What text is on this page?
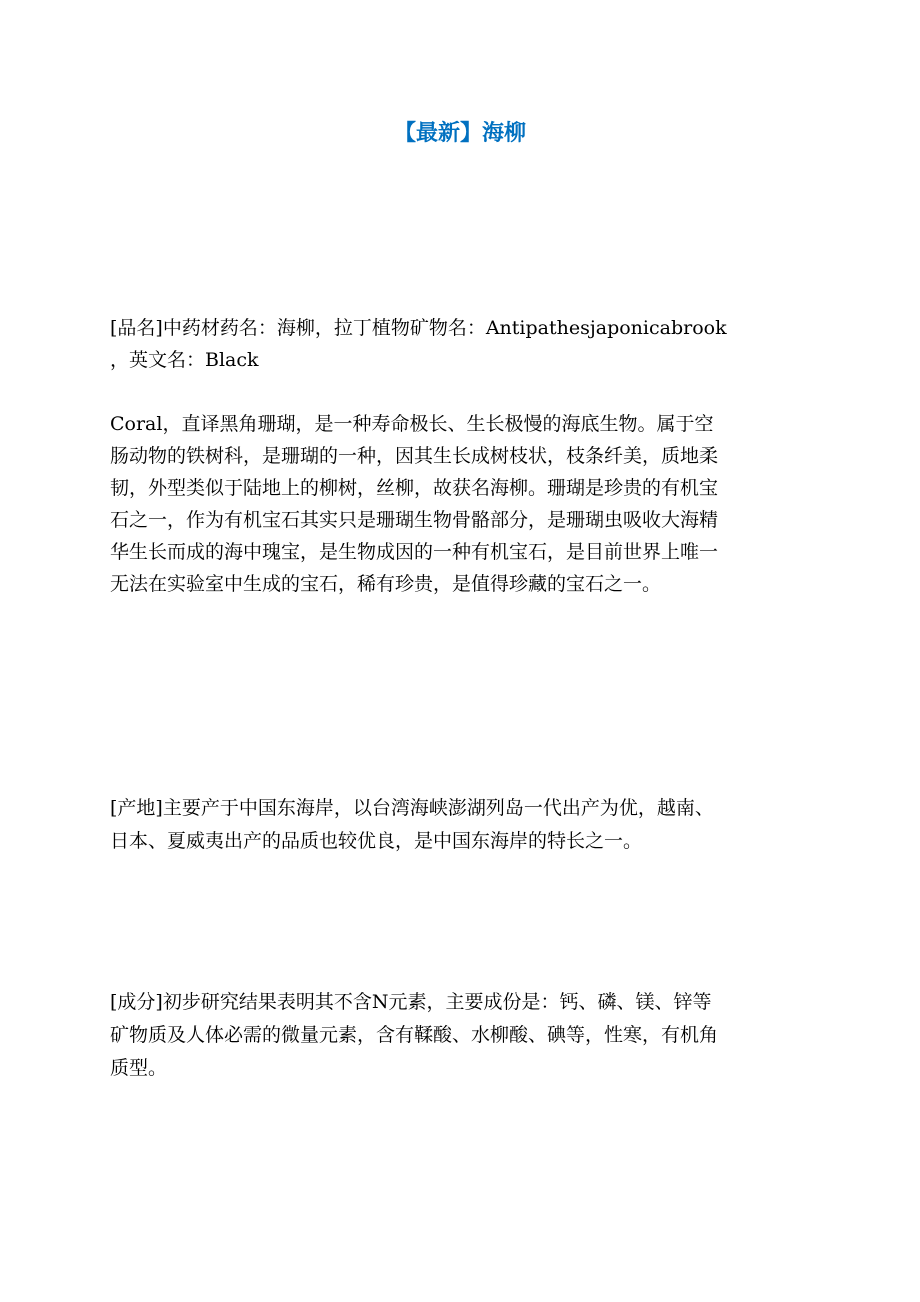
【最新】海柳

[品名]中药材药名：海柳，拉丁植物矿物名：Antipathesjaponicabrook
，英文名：Black

Coral，直译黑角珊瑚，是一种寿命极长、生长极慢的海底生物。属于空
肠动物的铁树科，是珊瑚的一种，因其生长成树枝状，枝条纤美，质地柔
韧，外型类似于陆地上的柳树，丝柳，故获名海柳。珊瑚是珍贵的有机宝
石之一，作为有机宝石其实只是珊瑚生物骨骼部分，是珊瑚虫吸收大海精
华生长而成的海中瑰宝，是生物成因的一种有机宝石，是目前世界上唯一
无法在实验室中生成的宝石，稀有珍贵，是值得珍藏的宝石之一。

[产地]主要产于中国东海岸，以台湾海峡澎湖列岛一代出产为优，越南、
日本、夏威夷出产的品质也较优良，是中国东海岸的特长之一。

[成分]初步研究结果表明其不含N元素，主要成份是：钙、磷、镁、锌等
矿物质及人体必需的微量元素，含有鞣酸、水柳酸、碘等，性寒，有机角
质型。
